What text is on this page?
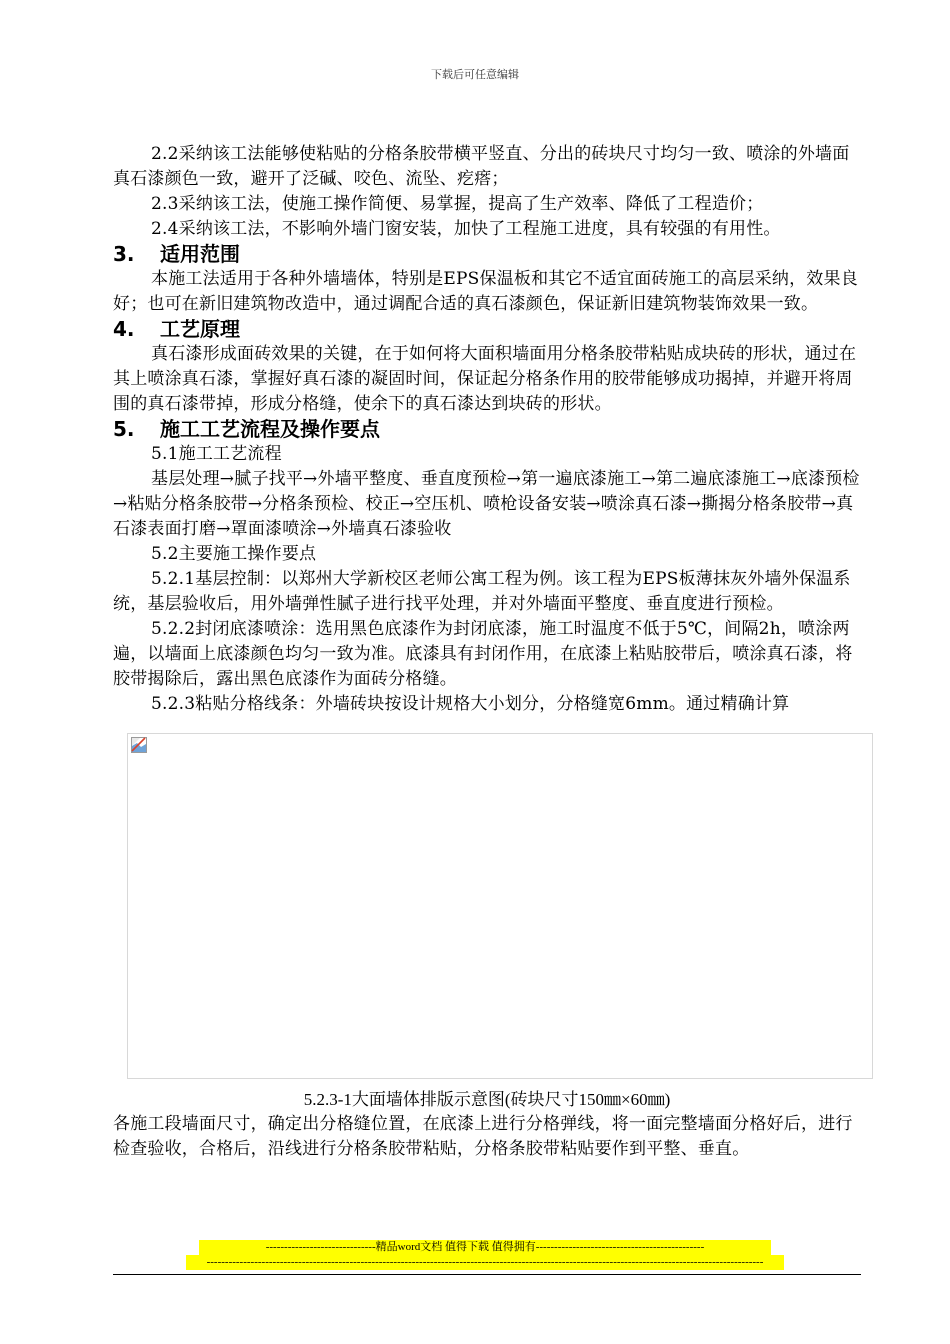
下载后可任意编辑

2.2采纳该工法能够使粘贴的分格条胶带横平竖直、分出的砖块尺寸均匀一致、喷涂的外墙面真石漆颜色一致，避开了泛碱、咬色、流坠、疙瘩；

2.3采纳该工法，使施工操作简便、易掌握，提高了生产效率、降低了工程造价；

2.4采纳该工法，不影响外墙门窗安装，加快了工程施工进度，具有较强的有用性。

3.	适用范围

本施工法适用于各种外墙墙体，特别是EPS保温板和其它不适宜面砖施工的高层采纳，效果良好；也可在新旧建筑物改造中，通过调配合适的真石漆颜色，保证新旧建筑物装饰效果一致。

4.	工艺原理

真石漆形成面砖效果的关键，在于如何将大面积墙面用分格条胶带粘贴成块砖的形状，通过在其上喷涂真石漆，掌握好真石漆的凝固时间，保证起分格条作用的胶带能够成功揭掉，并避开将周围的真石漆带掉，形成分格缝，使余下的真石漆达到块砖的形状。

5.	施工工艺流程及操作要点

5.1施工工艺流程

基层处理→腻子找平→外墙平整度、垂直度预检→第一遍底漆施工→第二遍底漆施工→底漆预检→粘贴分格条胶带→分格条预检、校正→空压机、喷枪设备安装→喷涂真石漆→撕揭分格条胶带→真石漆表面打磨→罩面漆喷涂→外墙真石漆验收

5.2主要施工操作要点

5.2.1基层控制：以郑州大学新校区老师公寓工程为例。该工程为EPS板薄抹灰外墙外保温系统，基层验收后，用外墙弹性腻子进行找平处理，并对外墙面平整度、垂直度进行预检。

5.2.2封闭底漆喷涂：选用黑色底漆作为封闭底漆，施工时温度不低于5℃，间隔2h，喷涂两遍，以墙面上底漆颜色均匀一致为准。底漆具有封闭作用，在底漆上粘贴胶带后，喷涂真石漆，将胶带揭除后，露出黑色底漆作为面砖分格缝。

5.2.3粘贴分格线条：外墙砖块按设计规格大小划分，分格缝宽6mm。通过精确计算

5.2.3-1大面墙体排版示意图(砖块尺寸150㎜×60㎜)

各施工段墙面尺寸，确定出分格缝位置，在底漆上进行分格弹线，将一面完整墙面分格好后，进行检查验收，合格后，沿线进行分格条胶带粘贴，分格条胶带粘贴要作到平整、垂直。

------------------------------精品word文档 值得下载 值得拥有----------------------------------------------
--------------------------------------------------------------------------------------------------------------------------------------------------------
